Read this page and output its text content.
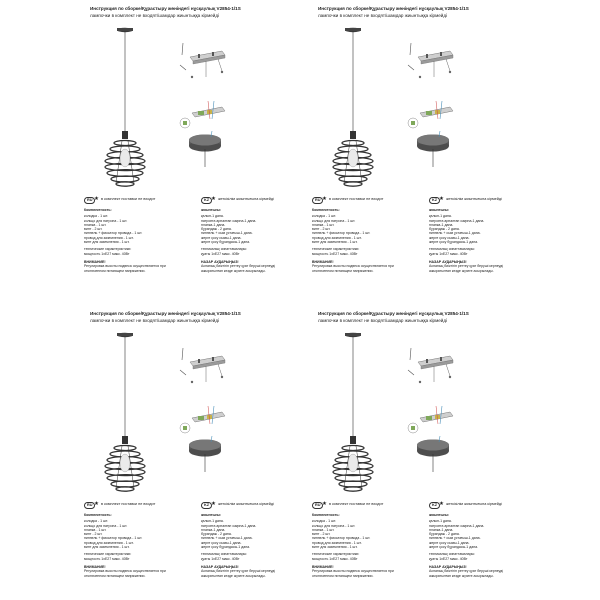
Инструкция по сборке/Құрастыру жөніндегі нұсқаулық V2854-1/1S
лампочки в комплект не входят/шамдар жиынтыққа кірмейді
RU ★ в комплект поставки не входит	KZ ★ жеткізілім жиынтығына кірмейді
Комплектность:
колодка - 1 шт.
кольцо для патрона - 1 шт.
планка - 1 шт.
винт - 2 шт.
ниппель + фиксатор провода - 1 шт.
провод для заземления - 1 шт.
винт для заземления - 1 шт.
технические характеристики:
мощность 1xE27 макс. 40Вт
ВНИМАНИЕ!
Регулировка высоты подвеса осуществляется при отключенном питающем напряжении.
жиынтығы:
қалып-1 дана.
патронға арналған сақина-1 дана.
планка-1 дана.
бұрандаж - 2 дана.
ниппель + сым ұстағыш-1 дана.
жерге қосу сымы-1 дана.
жерге қосу бұрандасы-1 дана.
техникалық сипаттамалары:
қуаты 1xE27 макс. 40Вт
НАЗАР АУДАРЫҢЫЗ!
Аспаның биіктігін реттеу қуат беруші кернеуді ажыратылған кезде жүзеге асырылады.
Инструкция по сборке/Құрастыру жөніндегі нұсқаулық V2854-1/1S
лампочки в комплект не входят/шамдар жиынтыққа кірмейді
RU ★ в комплект поставки не входит	KZ ★ жеткізілім жиынтығына кірмейді
Комплектность:
колодка - 1 шт.
кольцо для патрона - 1 шт.
планка - 1 шт.
винт - 2 шт.
ниппель + фиксатор провода - 1 шт.
провод для заземления - 1 шт.
винт для заземления - 1 шт.
технические характеристики:
мощность 1xE27 макс. 40Вт
ВНИМАНИЕ!
Регулировка высоты подвеса осуществляется при отключенном питающем напряжении.
жиынтығы:
қалып-1 дана.
патронға арналған сақина-1 дана.
планка-1 дана.
бұрандаж - 2 дана.
ниппель + сым ұстағыш-1 дана.
жерге қосу сымы-1 дана.
жерге қосу бұрандасы-1 дана.
техникалық сипаттамалары:
қуаты 1xE27 макс. 40Вт
НАЗАР АУДАРЫҢЫЗ!
Аспаның биіктігін реттеу қуат беруші кернеуді ажыратылған кезде жүзеге асырылады.
Инструкция по сборке/Құрастыру жөніндегі нұсқаулық V2854-1/1S
лампочки в комплект не входят/шамдар жиынтыққа кірмейді
RU ★ в комплект поставки не входит	KZ ★ жеткізілім жиынтығына кірмейді
Комплектность:
колодка - 1 шт.
кольцо для патрона - 1 шт.
планка - 1 шт.
винт - 2 шт.
ниппель + фиксатор провода - 1 шт.
провод для заземления - 1 шт.
винт для заземления - 1 шт.
технические характеристики:
мощность 1xE27 макс. 40Вт
ВНИМАНИЕ!
Регулировка высоты подвеса осуществляется при отключенном питающем напряжении.
жиынтығы:
қалып-1 дана.
патронға арналған сақина-1 дана.
планка-1 дана.
бұрандаж - 2 дана.
ниппель + сым ұстағыш-1 дана.
жерге қосу сымы-1 дана.
жерге қосу бұрандасы-1 дана.
техникалық сипаттамалары:
қуаты 1xE27 макс. 40Вт
НАЗАР АУДАРЫҢЫЗ!
Аспаның биіктігін реттеу қуат беруші кернеуді ажыратылған кезде жүзеге асырылады.
Инструкция по сборке/Құрастыру жөніндегі нұсқаулық V2854-1/1S
лампочки в комплект не входят/шамдар жиынтыққа кірмейді
RU ★ в комплект поставки не входит	KZ ★ жеткізілім жиынтығына кірмейді
Комплектность:
колодка - 1 шт.
кольцо для патрона - 1 шт.
планка - 1 шт.
винт - 2 шт.
ниппель + фиксатор провода - 1 шт.
провод для заземления - 1 шт.
винт для заземления - 1 шт.
технические характеристики:
мощность 1xE27 макс. 40Вт
ВНИМАНИЕ!
Регулировка высоты подвеса осуществляется при отключенном питающем напряжении.
жиынтығы:
қалып-1 дана.
патронға арналған сақина-1 дана.
планка-1 дана.
бұрандаж - 2 дана.
ниппель + сым ұстағыш-1 дана.
жерге қосу сымы-1 дана.
жерге қосу бұрандасы-1 дана.
техникалық сипаттамалары:
қуаты 1xE27 макс. 40Вт
НАЗАР АУДАРЫҢЫЗ!
Аспаның биіктігін реттеу қуат беруші кернеуді ажыратылған кезде жүзеге асырылады.
